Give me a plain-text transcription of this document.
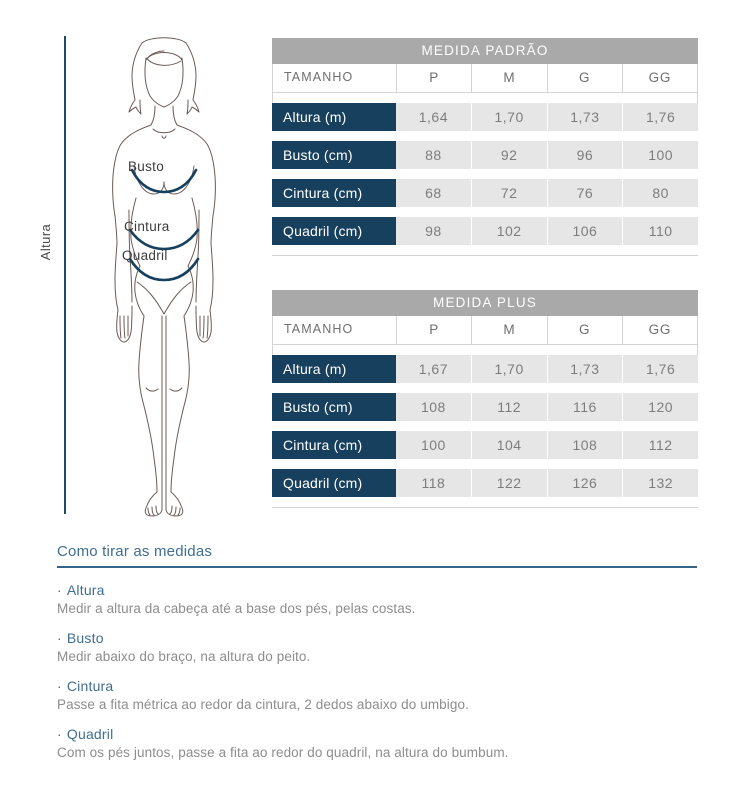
Altura
Busto
Cintura
Quadril
MEDIDA PADRÃO
TAMANHO	P	M	G	GG
Altura (m)	1,64	1,70	1,73	1,76
Busto (cm)	88	92	96	100
Cintura (cm)	68	72	76	80
Quadril (cm)	98	102	106	110
MEDIDA PLUS
TAMANHO	P	M	G	GG
Altura (m)	1,67	1,70	1,73	1,76
Busto (cm)	108	112	116	120
Cintura (cm)	100	104	108	112
Quadril (cm)	118	122	126	132
Como tirar as medidas
· Altura
Medir a altura da cabeça até a base dos pés, pelas costas.
· Busto
Medir abaixo do braço, na altura do peito.
· Cintura
Passe a fita métrica ao redor da cintura, 2 dedos abaixo do umbigo.
· Quadril
Com os pés juntos, passe a fita ao redor do quadril, na altura do bumbum.
